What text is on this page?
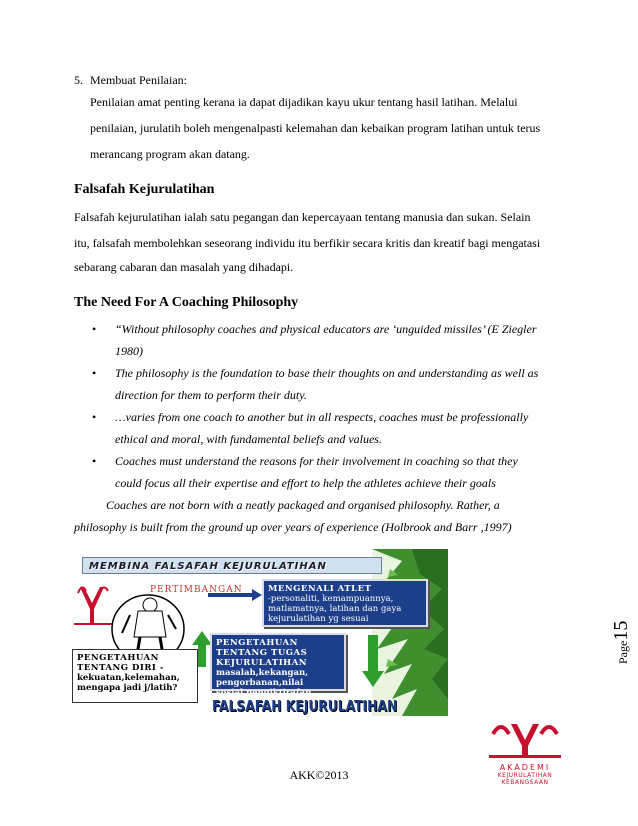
5. Membuat Penilaian:
Penilaian amat penting kerana ia dapat dijadikan kayu ukur tentang hasil latihan. Melalui
penilaian, jurulatih boleh mengenalpasti kelemahan dan kebaikan program latihan untuk terus
merancang program akan datang.
Falsafah Kejurulatihan
Falsafah kejurulatihan ialah satu pegangan dan kepercayaan tentang manusia dan sukan. Selain
itu, falsafah membolehkan seseorang individu itu berfikir secara kritis dan kreatif bagi mengatasi
sebarang cabaran dan masalah yang dihadapi.
The Need For A Coaching Philosophy
• “Without philosophy coaches and physical educators are ‘unguided missiles’ (E Ziegler
1980)
• The philosophy is the foundation to base their thoughts on and understanding as well as
direction for them to perform their duty.
• …varies from one coach to another but in all respects, coaches must be professionally
ethical and moral, with fundamental beliefs and values.
• Coaches must understand the reasons for their involvement in coaching so that they
could focus all their expertise and effort to help the athletes achieve their goals
Coaches are not born with a neatly packaged and organised philosophy. Rather, a
philosophy is built from the ground up over years of experience (Holbrook and Barr ,1997)
MEMBINA FALSAFAH KEJURULATIHAN
PERTIMBANGAN	MENGENALI ATLET
-personaliti, kemampuannya, matlamatnya, latihan dan gaya kejurulatihan yg sesuai
PENGETAHUAN TENTANG TUGAS KEJURULATIHAN
masalah,kekangan, pengorbanan,nilai sosial,pengiktirafan
PENGETAHUAN TENTANG DIRI -
kekuatan,kelemahan, mengapa jadi j/latih?
FALSAFAH KEJURULATIHAN
Page15
AKADEMI
KEJURULATIHAN
KEBANGSAAN
AKK©2013
